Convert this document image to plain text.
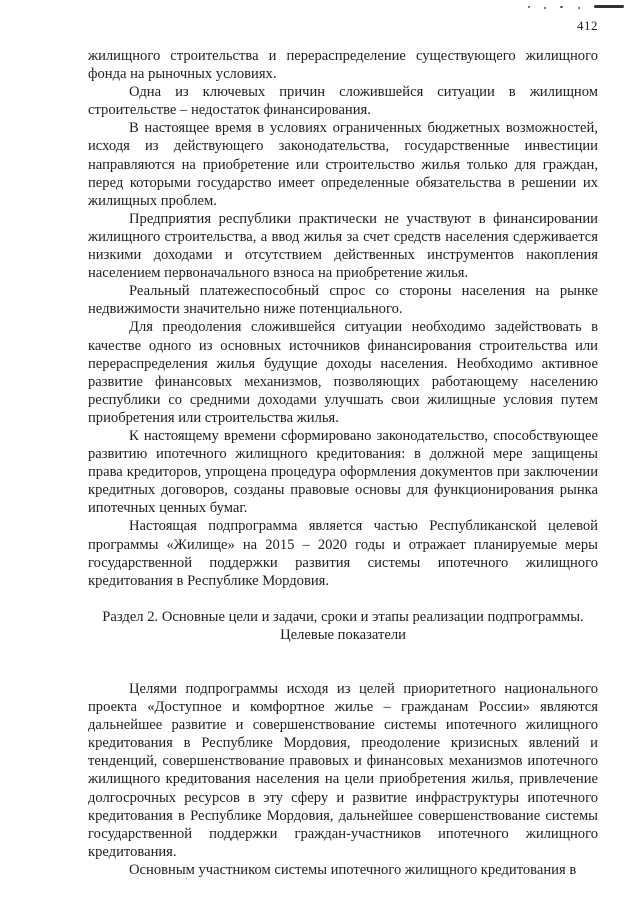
412

жилищного строительства и перераспределение существующего жилищного фонда на рыночных условиях.

Одна из ключевых причин сложившейся ситуации в жилищном строительстве – недостаток финансирования.

В настоящее время в условиях ограниченных бюджетных возможностей, исходя из действующего законодательства, государственные инвестиции направляются на приобретение или строительство жилья только для граждан, перед которыми государство имеет определенные обязательства в решении их жилищных проблем.

Предприятия республики практически не участвуют в финансировании жилищного строительства, а ввод жилья за счет средств населения сдерживается низкими доходами и отсутствием действенных инструментов накопления населением первоначального взноса на приобретение жилья.

Реальный платежеспособный спрос со стороны населения на рынке недвижимости значительно ниже потенциального.

Для преодоления сложившейся ситуации необходимо задействовать в качестве одного из основных источников финансирования строительства или перераспределения жилья будущие доходы населения. Необходимо активное развитие финансовых механизмов, позволяющих работающему населению республики со средними доходами улучшать свои жилищные условия путем приобретения или строительства жилья.

К настоящему времени сформировано законодательство, способствующее развитию ипотечного жилищного кредитования: в должной мере защищены права кредиторов, упрощена процедура оформления документов при заключении кредитных договоров, созданы правовые основы для функционирования рынка ипотечных ценных бумаг.

Настоящая подпрограмма является частью Республиканской целевой программы «Жилище» на 2015 – 2020 годы и отражает планируемые меры государственной поддержки развития системы ипотечного жилищного кредитования в Республике Мордовия.

Раздел 2. Основные цели и задачи, сроки и этапы реализации подпрограммы.

Целевые показатели

Целями подпрограммы исходя из целей приоритетного национального проекта «Доступное и комфортное жилье – гражданам России» являются дальнейшее развитие и совершенствование системы ипотечного жилищного кредитования в Республике Мордовия, преодоление кризисных явлений и тенденций, совершенствование правовых и финансовых механизмов ипотечного жилищного кредитования населения на цели приобретения жилья, привлечение долгосрочных ресурсов в эту сферу и развитие инфраструктуры ипотечного кредитования в Республике Мордовия, дальнейшее совершенствование системы государственной поддержки граждан-участников ипотечного жилищного кредитования.

Основным участником системы ипотечного жилищного кредитования в
